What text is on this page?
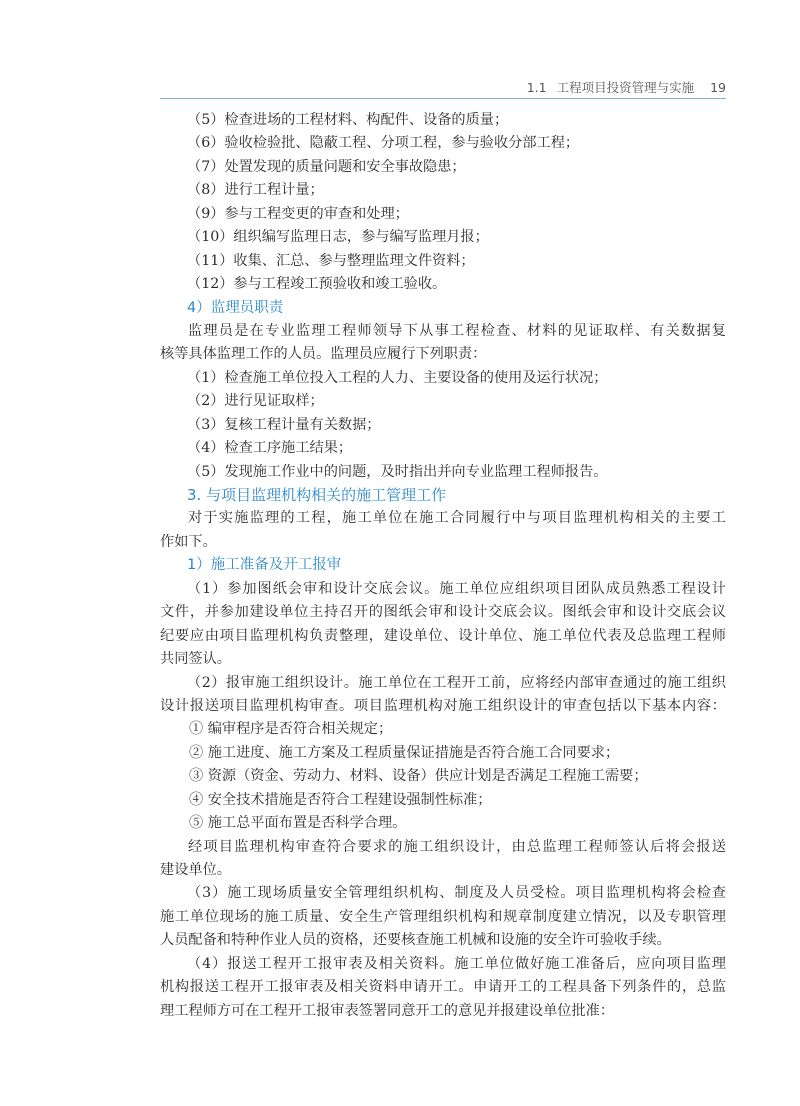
1.1 工程项目投资管理与实施 19
（5）检查进场的工程材料、构配件、设备的质量；
（6）验收检验批、隐蔽工程、分项工程，参与验收分部工程；
（7）处置发现的质量问题和安全事故隐患；
（8）进行工程计量；
（9）参与工程变更的审查和处理；
（10）组织编写监理日志，参与编写监理月报；
（11）收集、汇总、参与整理监理文件资料；
（12）参与工程竣工预验收和竣工验收。
4）监理员职责
监理员是在专业监理工程师领导下从事工程检查、材料的见证取样、有关数据复
核等具体监理工作的人员。监理员应履行下列职责：
（1）检查施工单位投入工程的人力、主要设备的使用及运行状况；
（2）进行见证取样；
（3）复核工程计量有关数据；
（4）检查工序施工结果；
（5）发现施工作业中的问题，及时指出并向专业监理工程师报告。
3. 与项目监理机构相关的施工管理工作
对于实施监理的工程，施工单位在施工合同履行中与项目监理机构相关的主要工
作如下。
1）施工准备及开工报审
（1）参加图纸会审和设计交底会议。施工单位应组织项目团队成员熟悉工程设计
文件，并参加建设单位主持召开的图纸会审和设计交底会议。图纸会审和设计交底会议
纪要应由项目监理机构负责整理，建设单位、设计单位、施工单位代表及总监理工程师
共同签认。
（2）报审施工组织设计。施工单位在工程开工前，应将经内部审查通过的施工组织
设计报送项目监理机构审查。项目监理机构对施工组织设计的审查包括以下基本内容：
① 编审程序是否符合相关规定；
② 施工进度、施工方案及工程质量保证措施是否符合施工合同要求；
③ 资源（资金、劳动力、材料、设备）供应计划是否满足工程施工需要；
④ 安全技术措施是否符合工程建设强制性标准；
⑤ 施工总平面布置是否科学合理。
经项目监理机构审查符合要求的施工组织设计，由总监理工程师签认后将会报送
建设单位。
（3）施工现场质量安全管理组织机构、制度及人员受检。项目监理机构将会检查
施工单位现场的施工质量、安全生产管理组织机构和规章制度建立情况，以及专职管理
人员配备和特种作业人员的资格，还要核查施工机械和设施的安全许可验收手续。
（4）报送工程开工报审表及相关资料。施工单位做好施工准备后，应向项目监理
机构报送工程开工报审表及相关资料申请开工。申请开工的工程具备下列条件的，总监
理工程师方可在工程开工报审表签署同意开工的意见并报建设单位批准：
